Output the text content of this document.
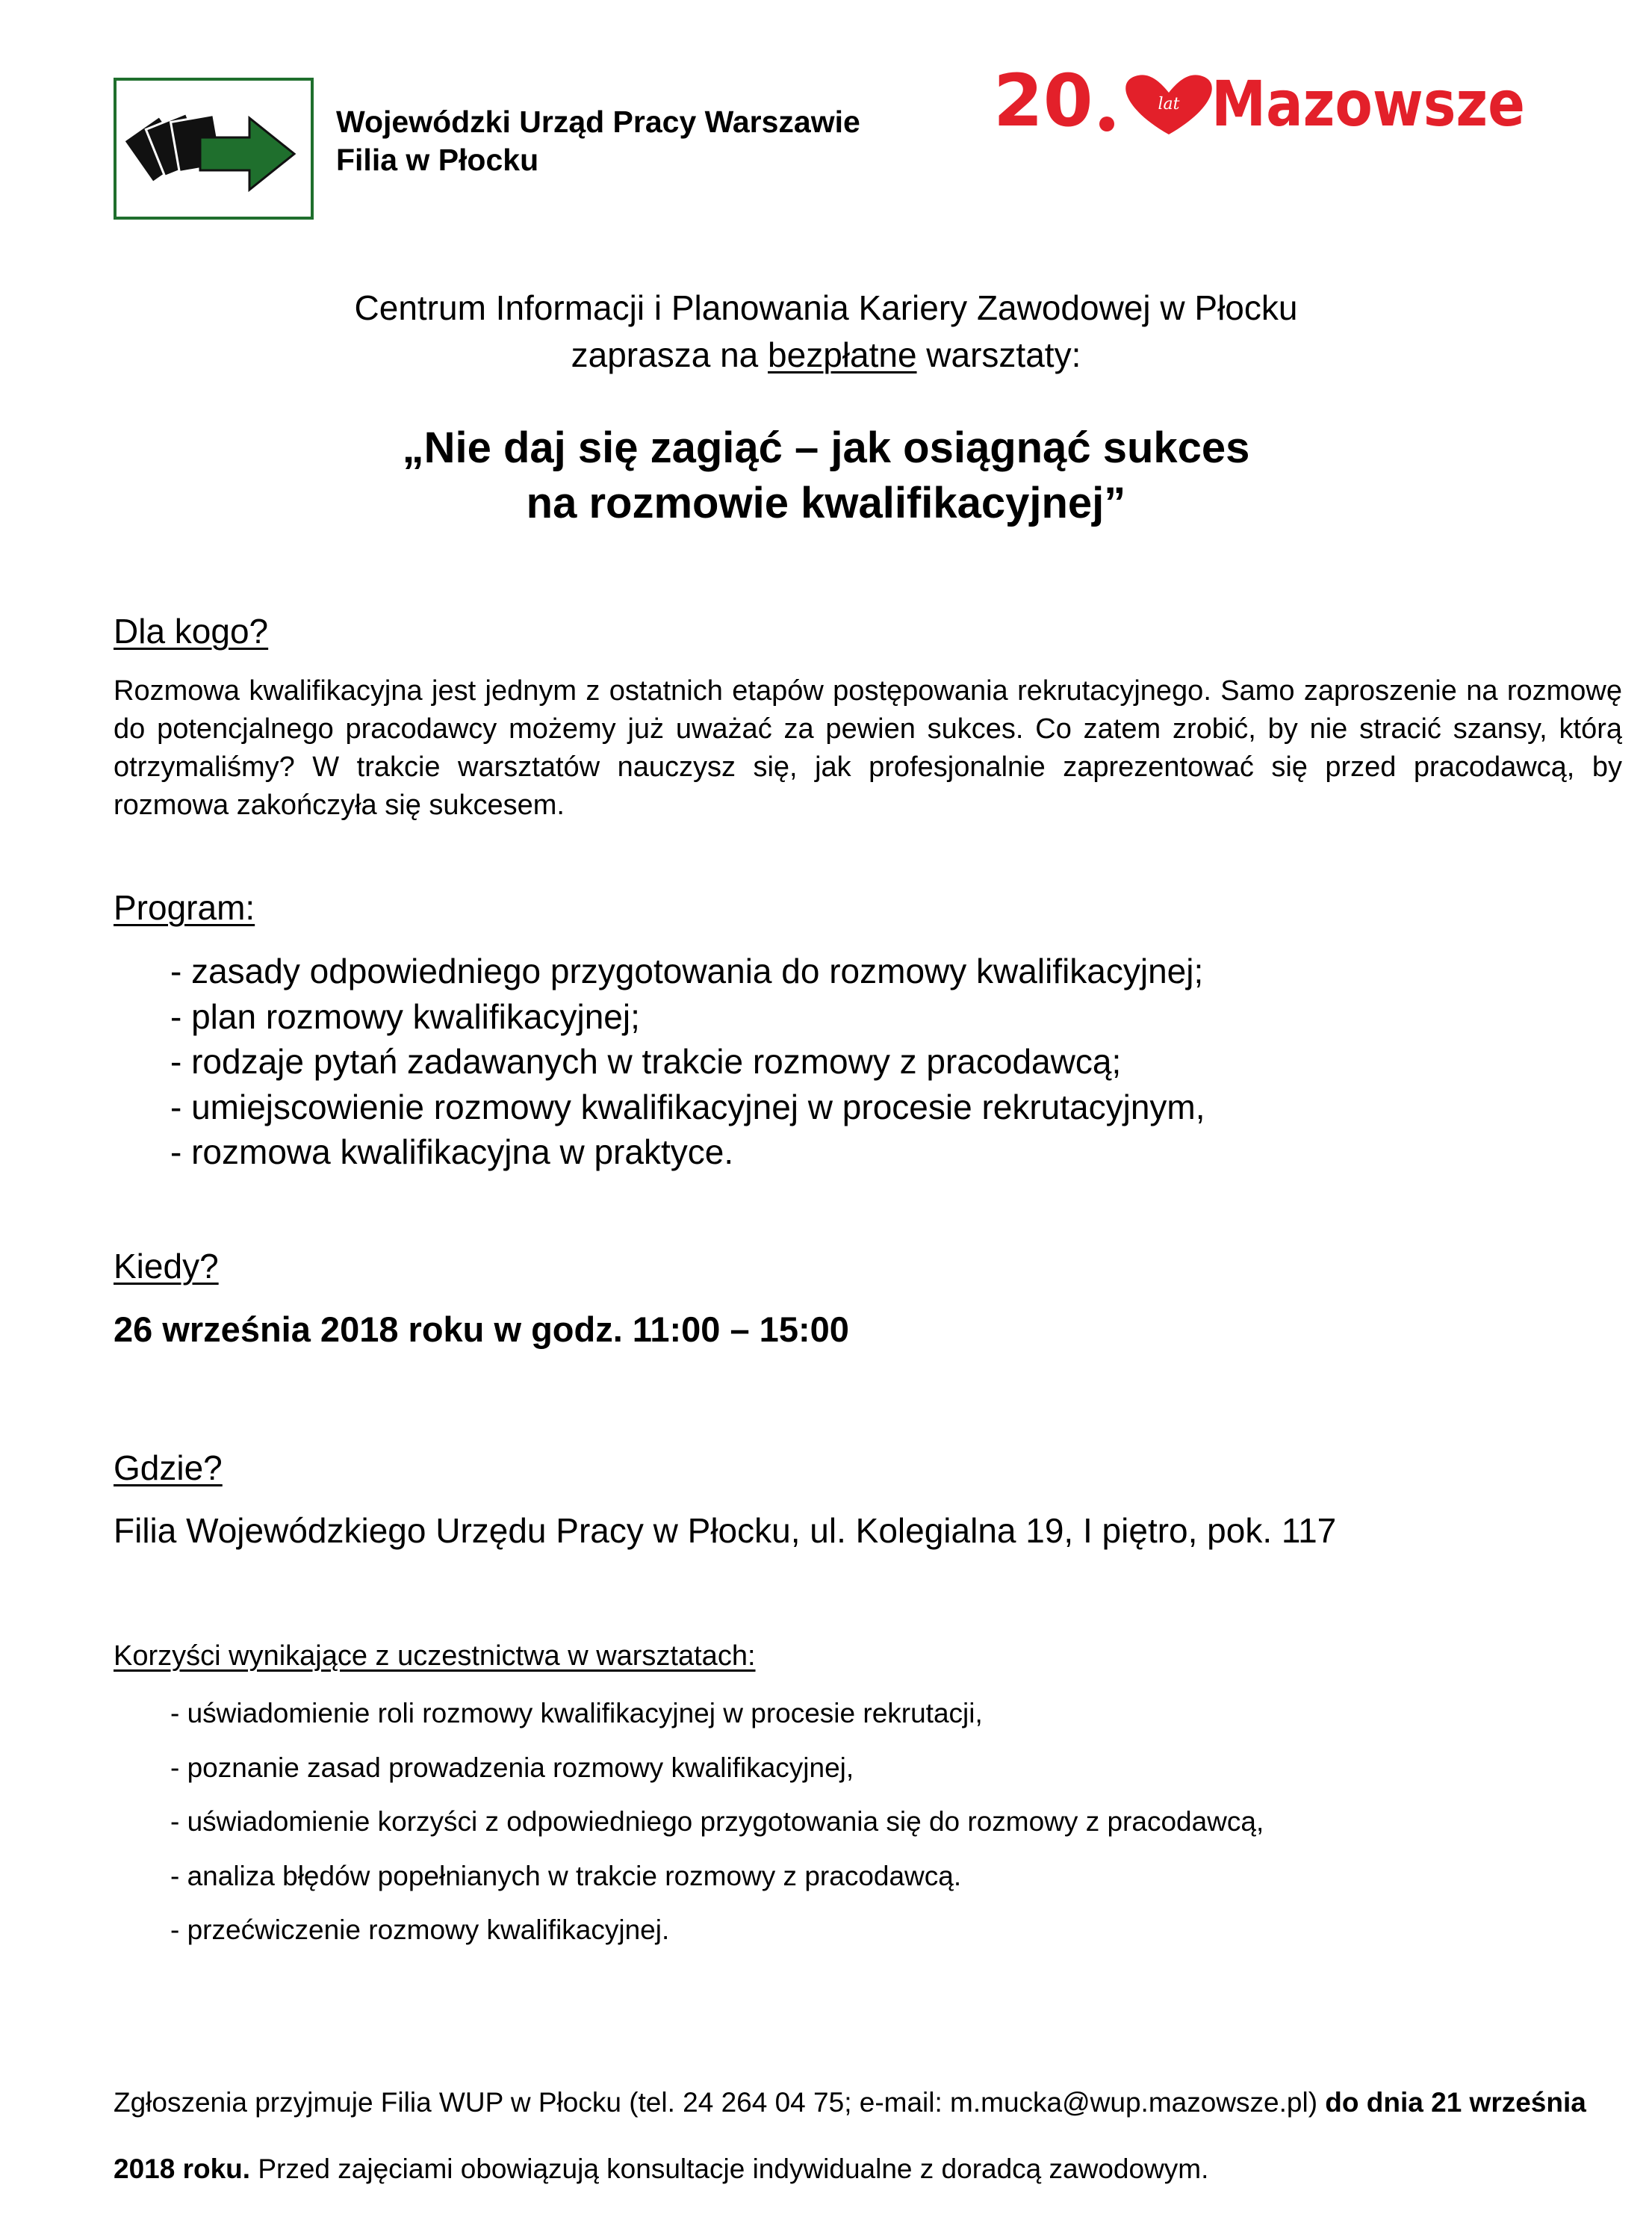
Wojewódzki Urząd Pracy Warszawie
Filia w Płocku
20	lat Mazowsze
Centrum Informacji i Planowania Kariery Zawodowej w Płocku
zaprasza na bezpłatne warsztaty:
„Nie daj się zagiąć – jak osiągnąć sukces
na rozmowie kwalifikacyjnej”
Dla kogo?
Rozmowa kwalifikacyjna jest jednym z ostatnich etapów postępowania rekrutacyjnego. Samo zaproszenie na rozmowę do potencjalnego pracodawcy możemy już uważać za pewien sukces. Co zatem zrobić, by nie stracić szansy, którą otrzymaliśmy? W trakcie warsztatów nauczysz się, jak profesjonalnie zaprezentować się przed pracodawcą, by rozmowa zakończyła się sukcesem.
Program:
- zasady odpowiedniego przygotowania do rozmowy kwalifikacyjnej;
- plan rozmowy kwalifikacyjnej;
- rodzaje pytań zadawanych w trakcie rozmowy z pracodawcą;
- umiejscowienie rozmowy kwalifikacyjnej w procesie rekrutacyjnym,
- rozmowa kwalifikacyjna w praktyce.
Kiedy?
26 września 2018 roku w godz. 11:00 – 15:00
Gdzie?
Filia Wojewódzkiego Urzędu Pracy w Płocku, ul. Kolegialna 19, I piętro, pok. 117
Korzyści wynikające z uczestnictwa w warsztatach:
- uświadomienie roli rozmowy kwalifikacyjnej w procesie rekrutacji,
- poznanie zasad prowadzenia rozmowy kwalifikacyjnej,
- uświadomienie korzyści z odpowiedniego przygotowania się do rozmowy z pracodawcą,
- analiza błędów popełnianych w trakcie rozmowy z pracodawcą.
- przećwiczenie rozmowy kwalifikacyjnej.
Zgłoszenia przyjmuje Filia WUP w Płocku (tel. 24 264 04 75; e-mail: m.mucka@wup.mazowsze.pl) do dnia 21 września 2018 roku. Przed zajęciami obowiązują konsultacje indywidualne z doradcą zawodowym.
